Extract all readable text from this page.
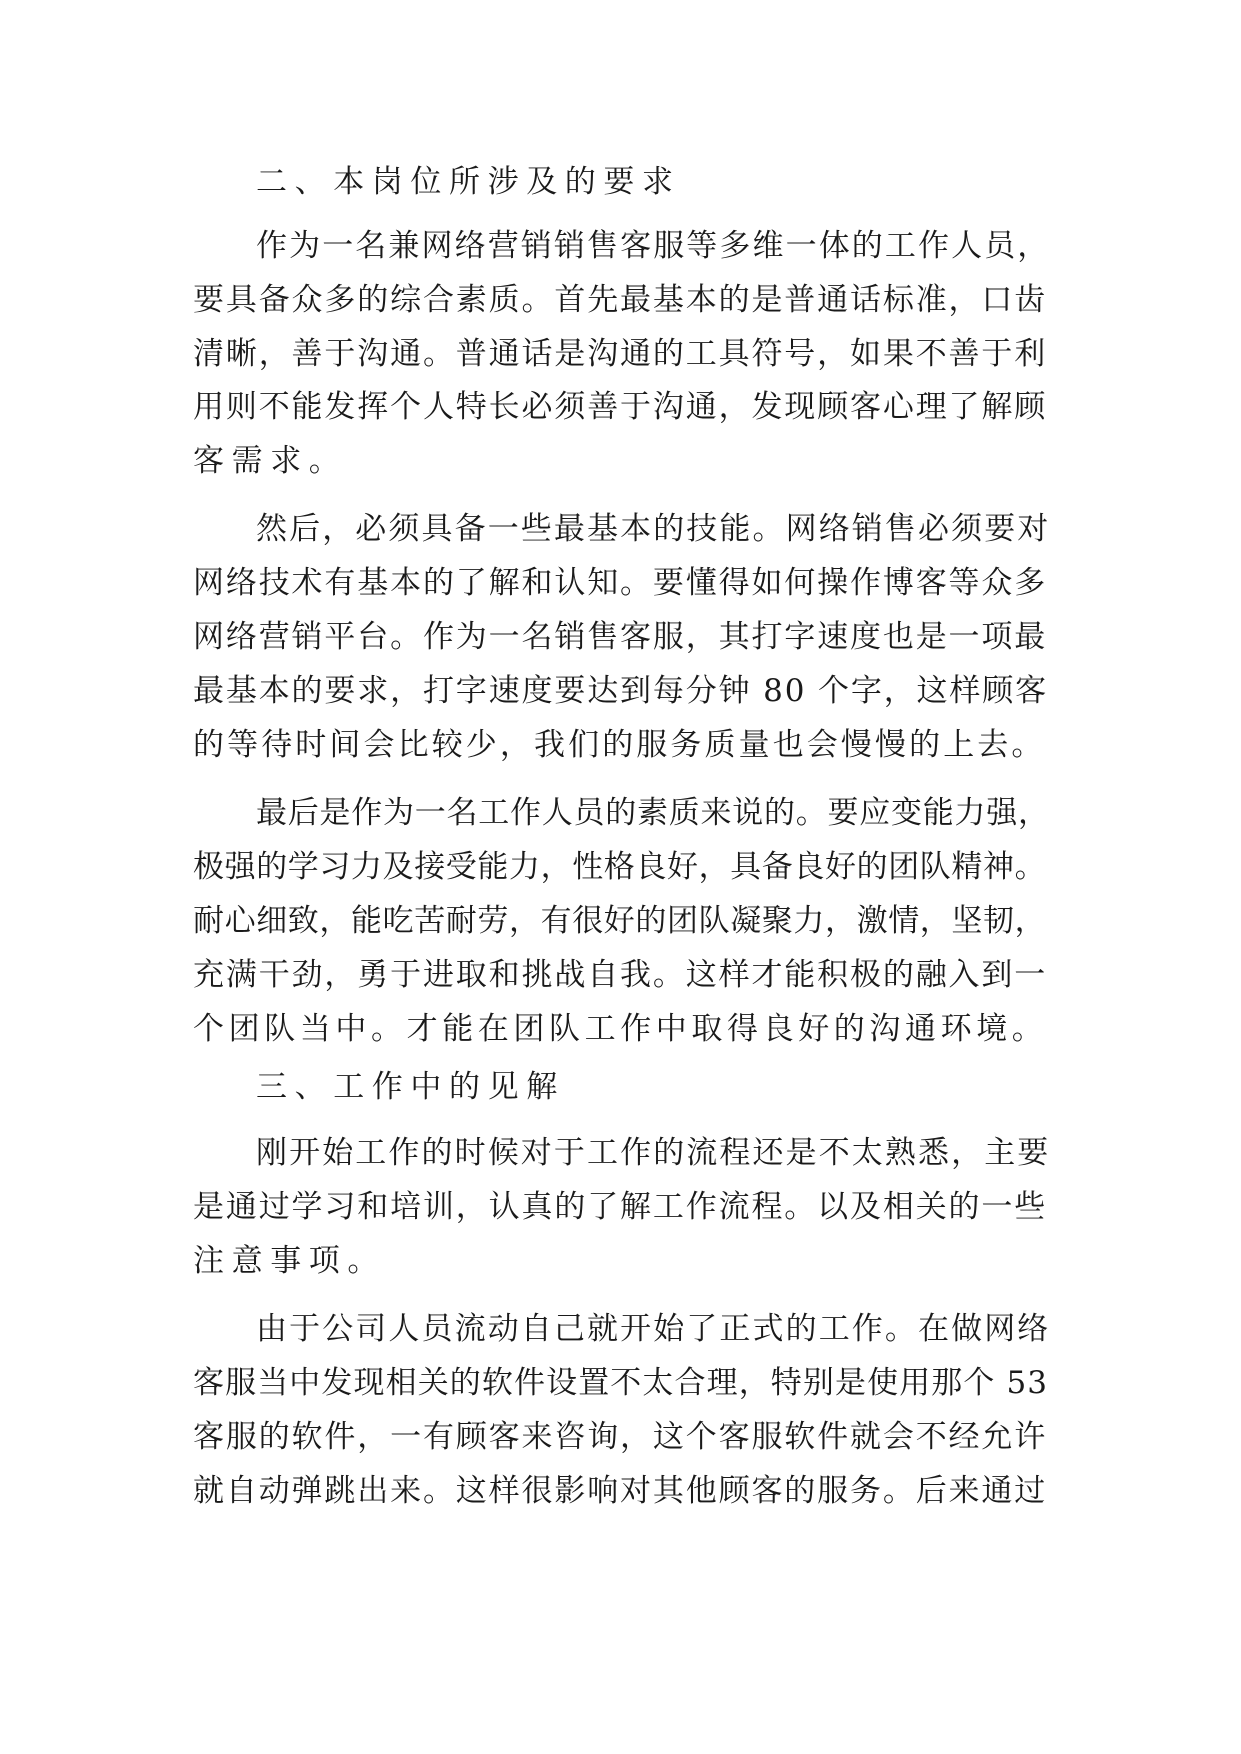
二、本岗位所涉及的要求

作为一名兼网络营销销售客服等多维一体的工作人员，

要具备众多的综合素质。首先最基本的是普通话标准，口齿

清晰，善于沟通。普通话是沟通的工具符号，如果不善于利

用则不能发挥个人特长必须善于沟通，发现顾客心理了解顾

客需求。

然后，必须具备一些最基本的技能。网络销售必须要对

网络技术有基本的了解和认知。要懂得如何操作博客等众多

网络营销平台。作为一名销售客服，其打字速度也是一项最

最基本的要求，打字速度要达到每分钟 80 个字，这样顾客

的等待时间会比较少，我们的服务质量也会慢慢的上去。

最后是作为一名工作人员的素质来说的。要应变能力强，

极强的学习力及接受能力，性格良好，具备良好的团队精神。

耐心细致，能吃苦耐劳，有很好的团队凝聚力，激情，坚韧，

充满干劲，勇于进取和挑战自我。这样才能积极的融入到一

个团队当中。才能在团队工作中取得良好的沟通环境。

三、工作中的见解

刚开始工作的时候对于工作的流程还是不太熟悉，主要

是通过学习和培训，认真的了解工作流程。以及相关的一些

注意事项。

由于公司人员流动自己就开始了正式的工作。在做网络

客服当中发现相关的软件设置不太合理，特别是使用那个 53

客服的软件，一有顾客来咨询，这个客服软件就会不经允许

就自动弹跳出来。这样很影响对其他顾客的服务。后来通过
